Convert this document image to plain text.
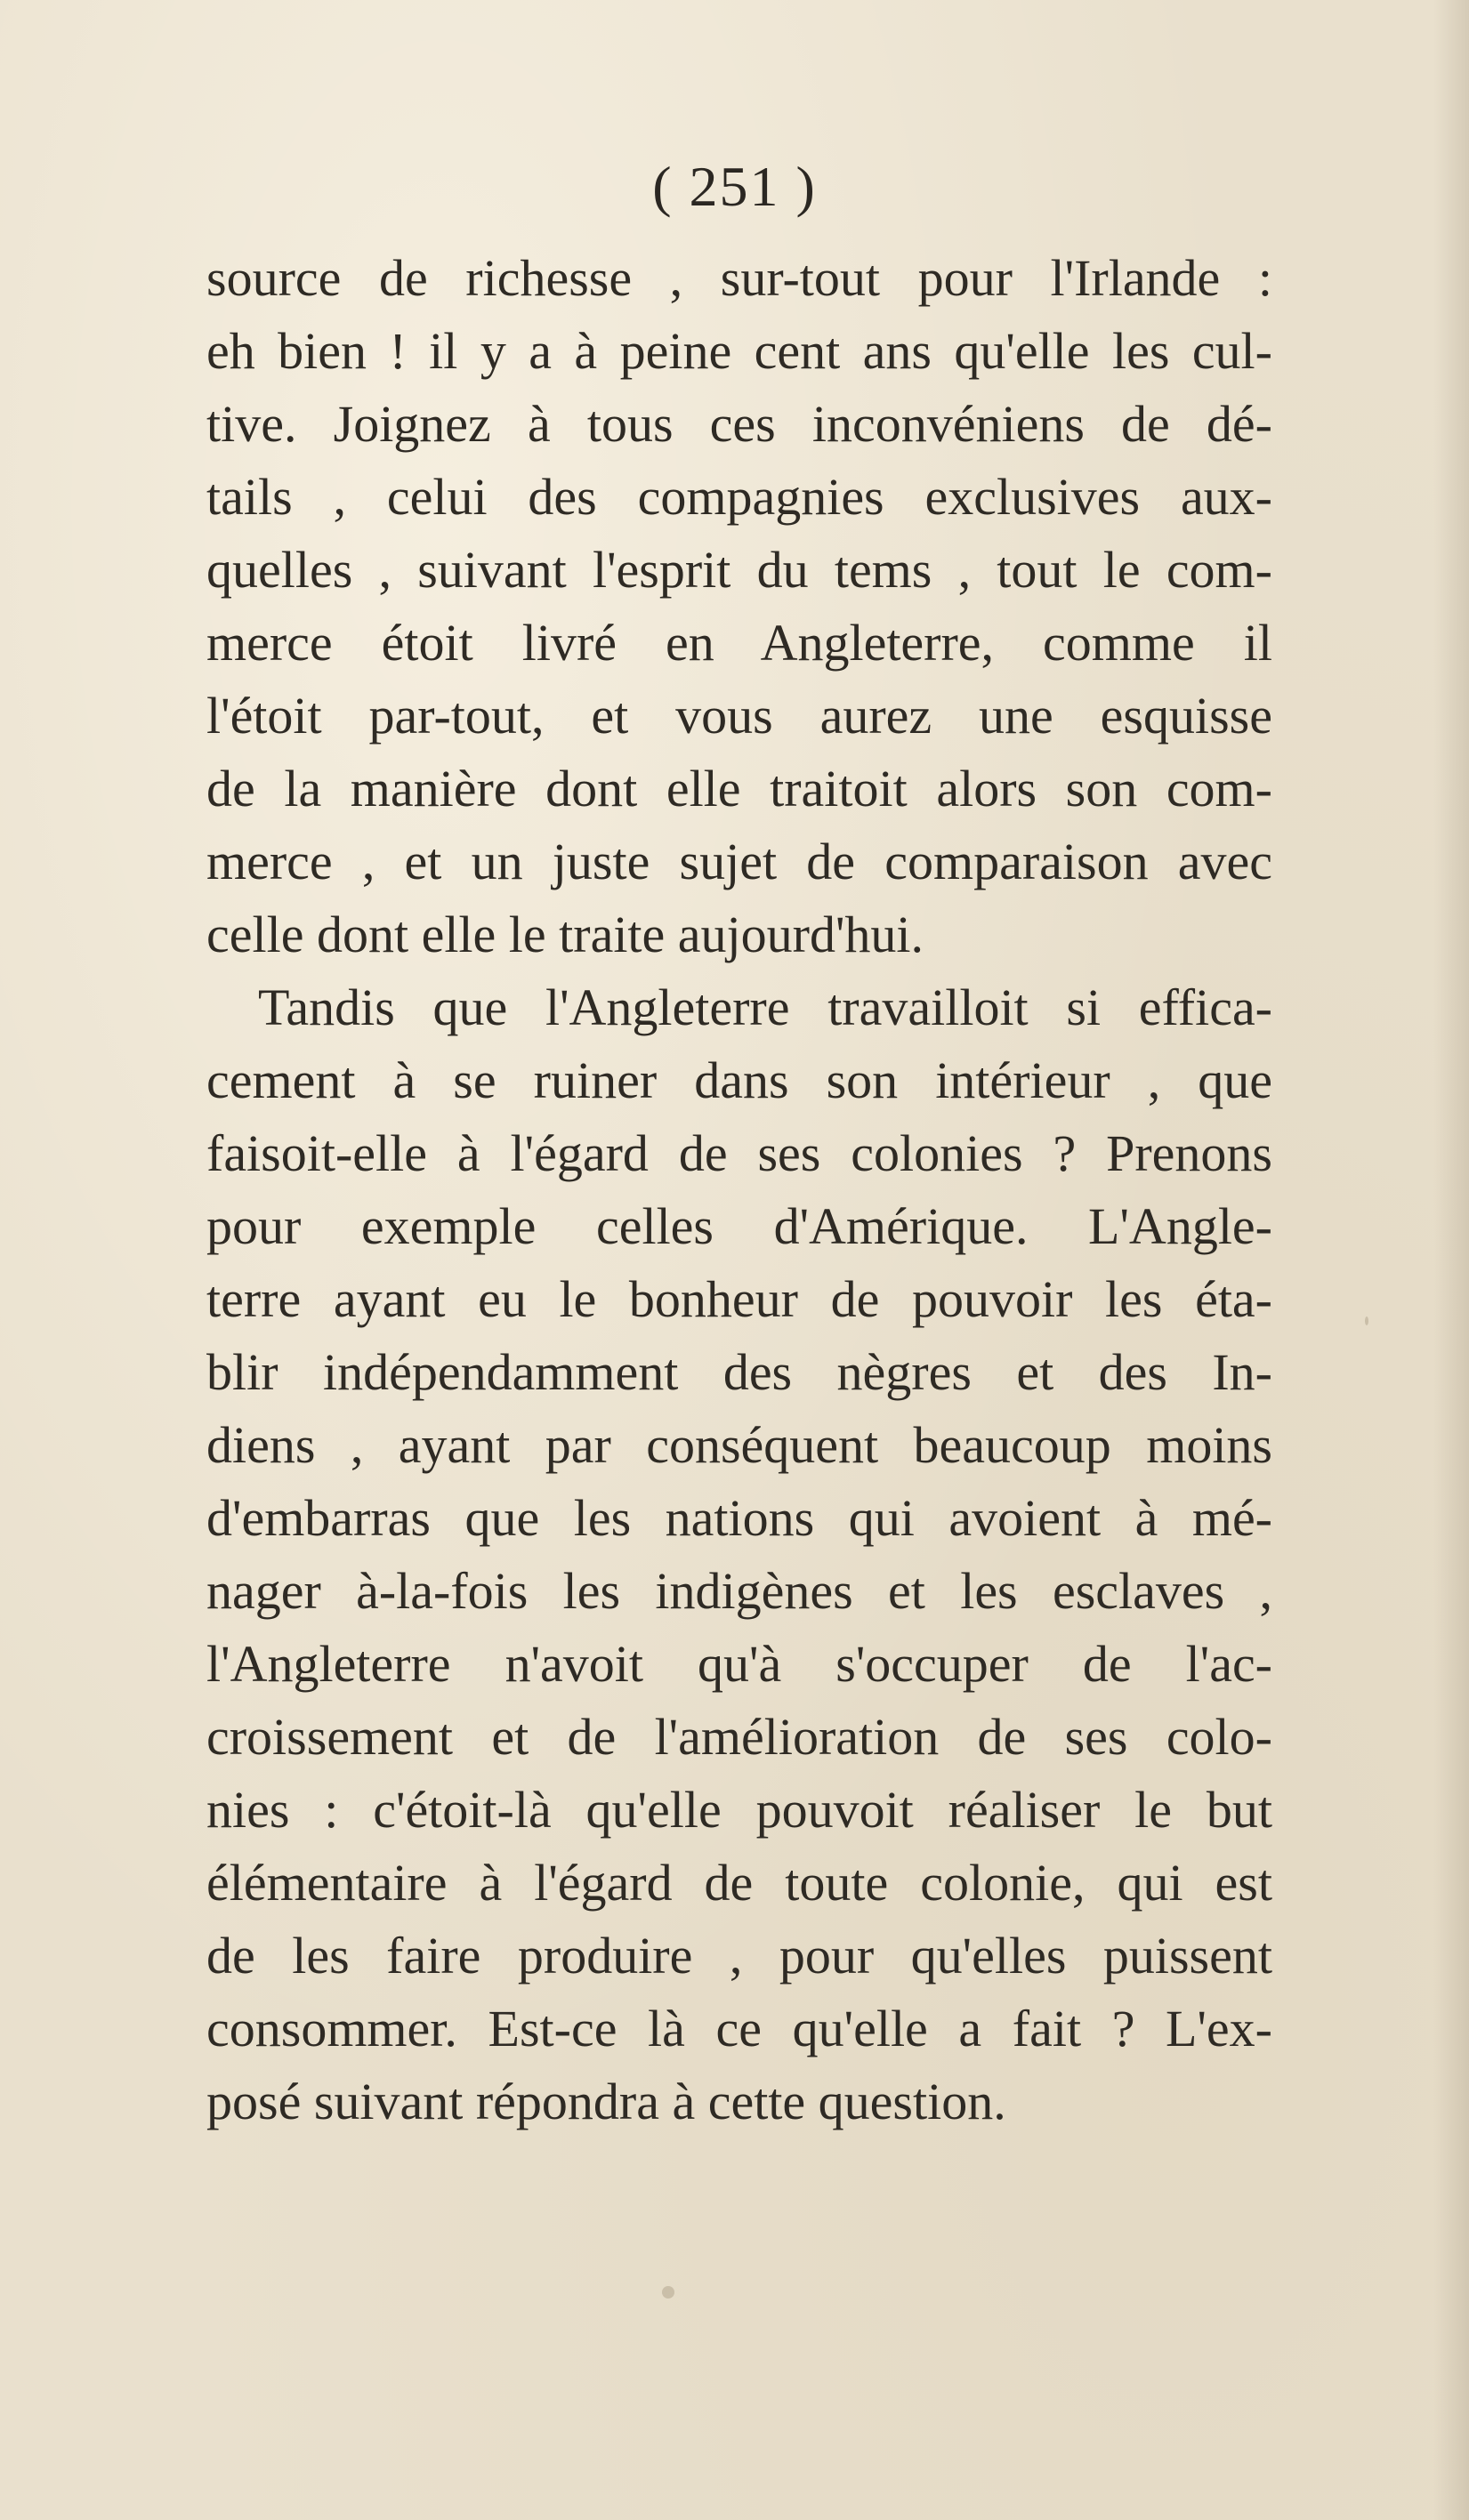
( 251 )
source de richesse , sur-tout pour l'Irlande :
eh bien ! il y a à peine cent ans qu'elle les cul-
tive. Joignez à tous ces inconvéniens de dé-
tails , celui des compagnies exclusives aux-
quelles , suivant l'esprit du tems , tout le com-
merce étoit livré en Angleterre, comme il
l'étoit par-tout, et vous aurez une esquisse
de la manière dont elle traitoit alors son com-
merce , et un juste sujet de comparaison avec
celle dont elle le traite aujourd'hui.
Tandis que l'Angleterre travailloit si effica-
cement à se ruiner dans son intérieur , que
faisoit-elle à l'égard de ses colonies ? Prenons
pour exemple celles d'Amérique. L'Angle-
terre ayant eu le bonheur de pouvoir les éta-
blir indépendamment des nègres et des In-
diens , ayant par conséquent beaucoup moins
d'embarras que les nations qui avoient à mé-
nager à-la-fois les indigènes et les esclaves ,
l'Angleterre n'avoit qu'à s'occuper de l'ac-
croissement et de l'amélioration de ses colo-
nies : c'étoit-là qu'elle pouvoit réaliser le but
élémentaire à l'égard de toute colonie, qui est
de les faire produire , pour qu'elles puissent
consommer. Est-ce là ce qu'elle a fait ? L'ex-
posé suivant répondra à cette question.
